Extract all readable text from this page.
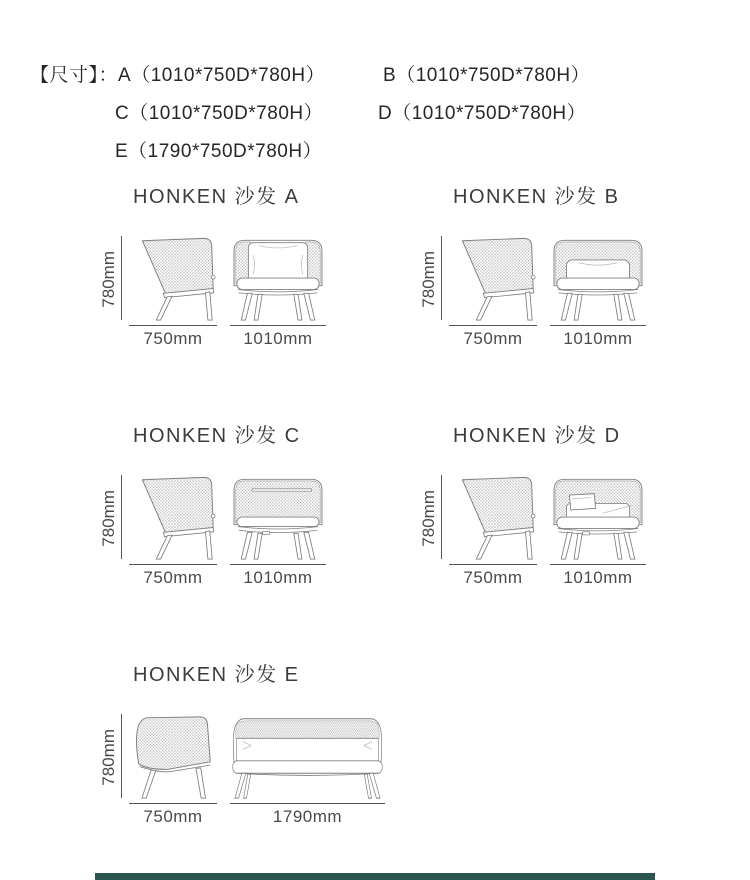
【尺寸】： A（1010*750D*780H）	B（1010*750D*780H）
C（1010*750D*780H）	D（1010*750D*780H）
E（1790*750D*780H）
HONKEN 沙发 A
780mm
750mm	1010mm
HONKEN 沙发 B
780mm
750mm	1010mm
HONKEN 沙发 C
780mm
750mm	1010mm
HONKEN 沙发 D
780mm
750mm	1010mm
HONKEN 沙发 E
780mm
750mm	1790mm
